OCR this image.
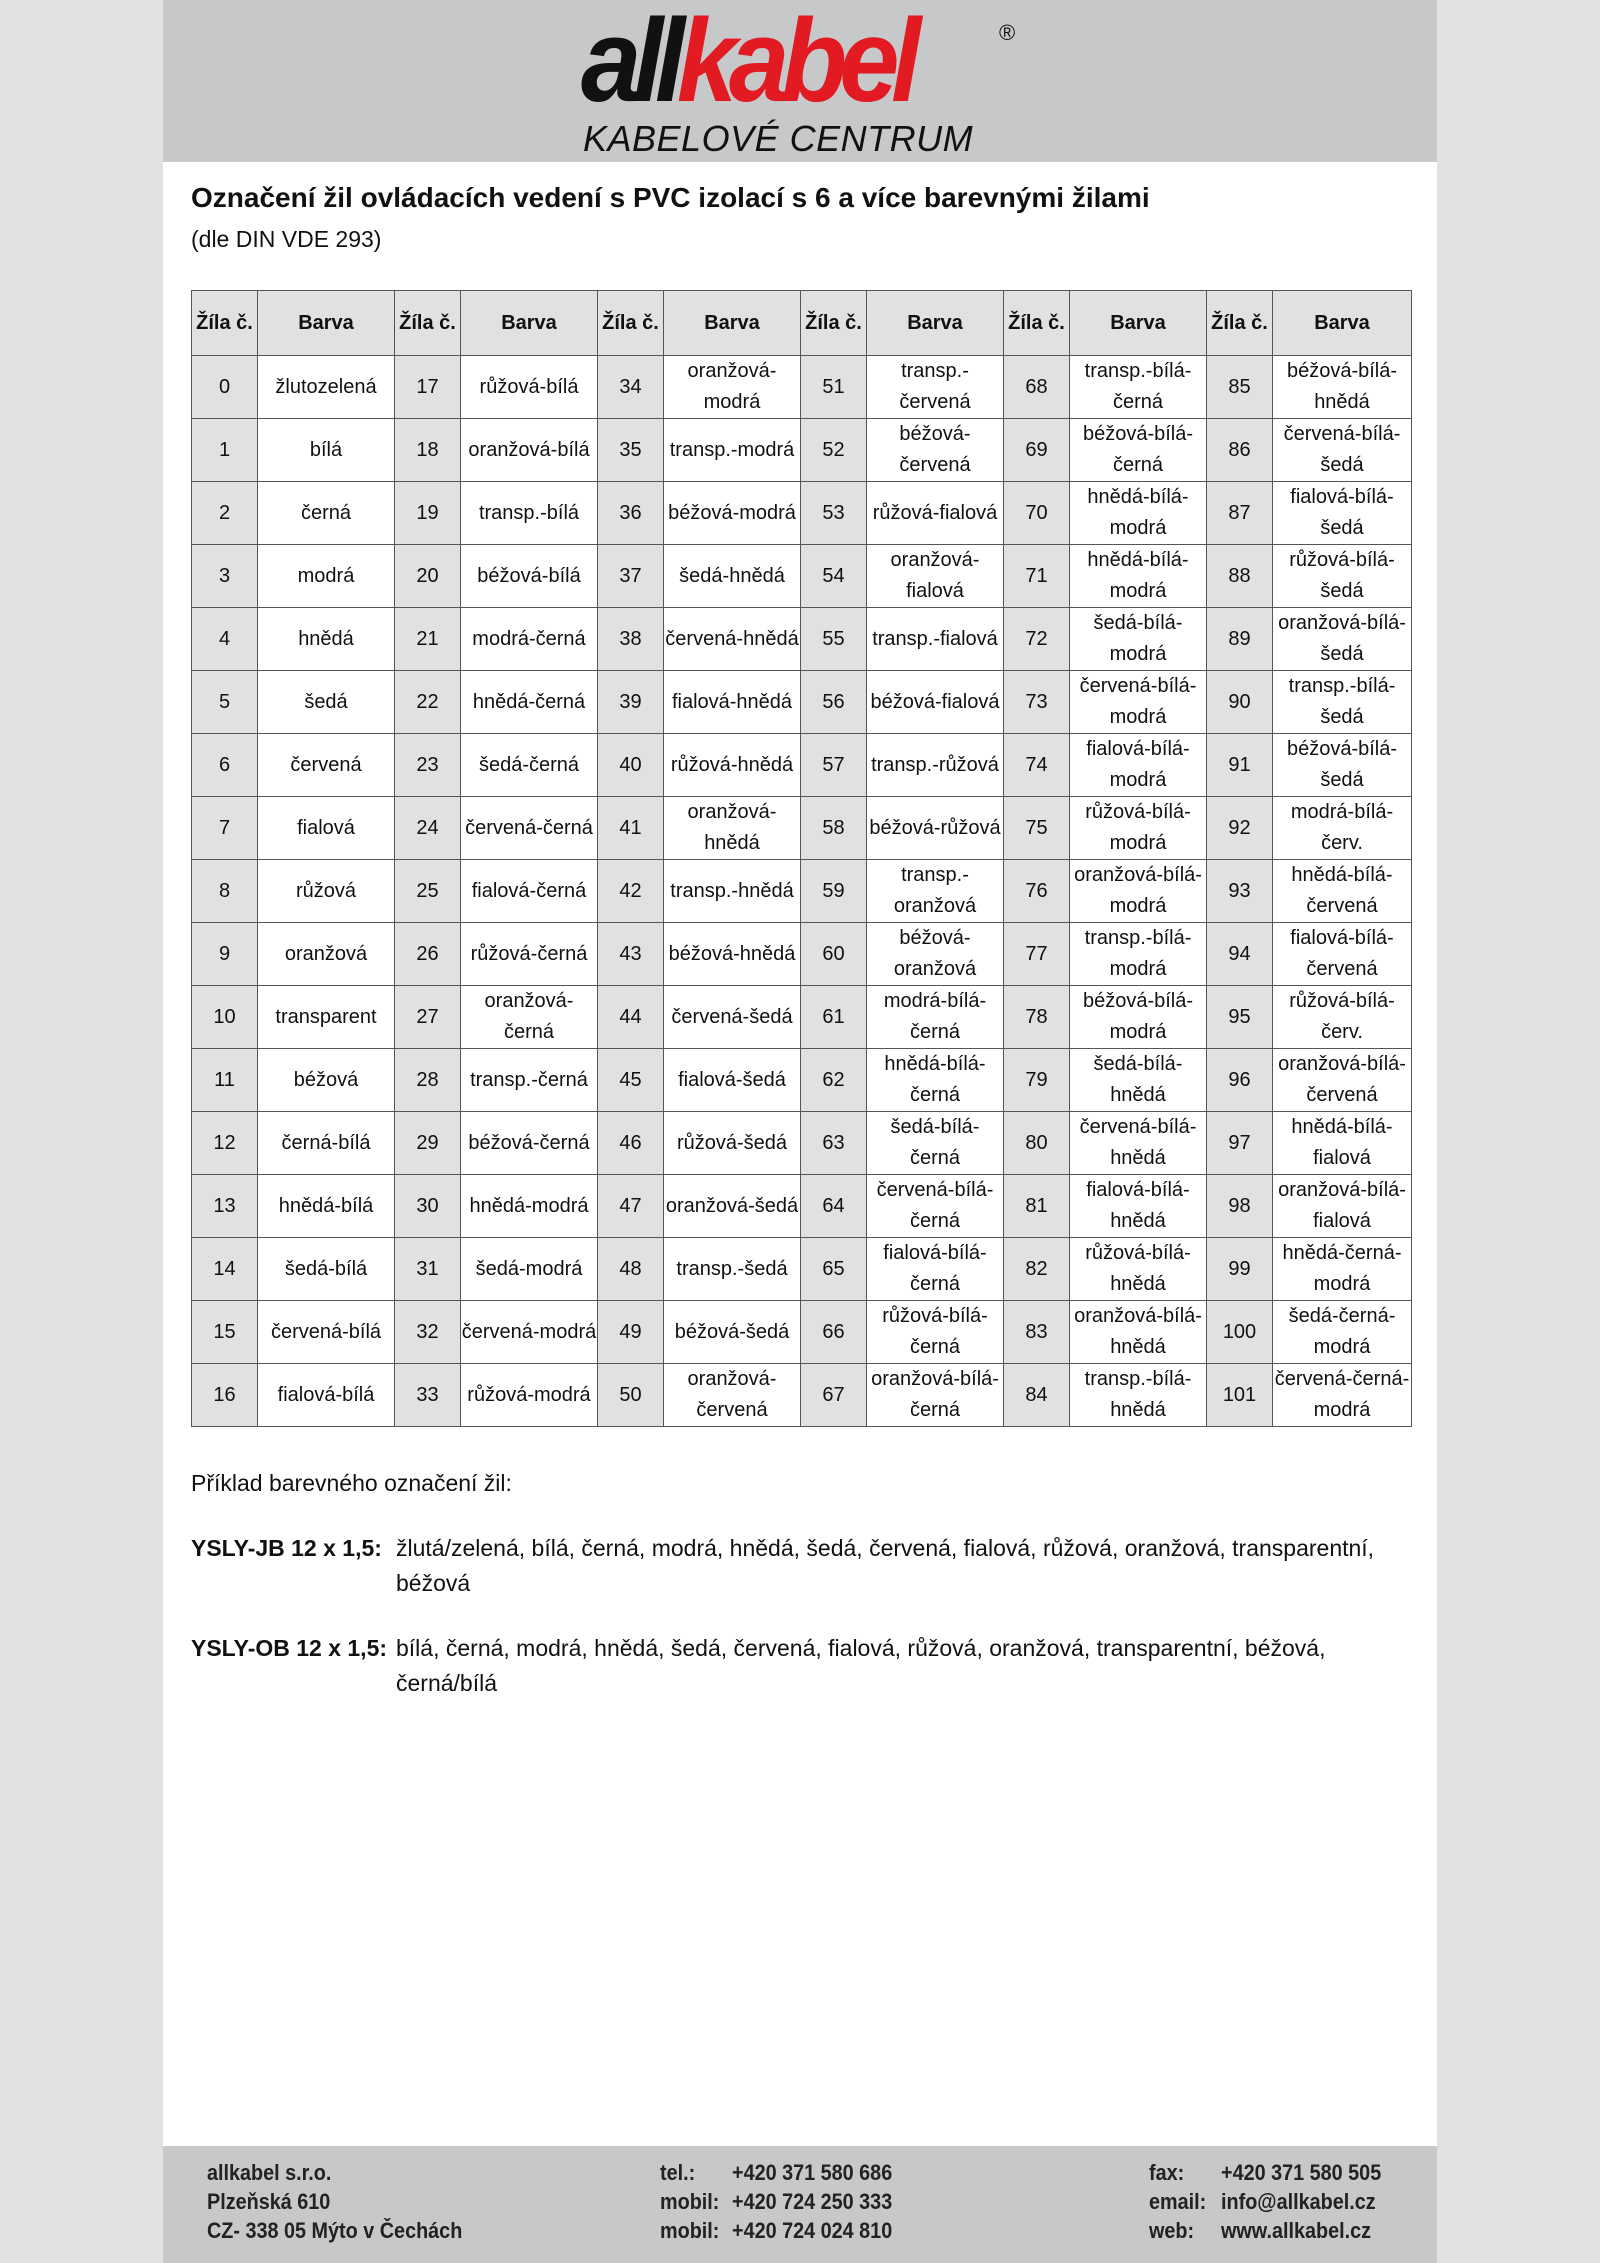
allkabel	®
KABELOVÉ CENTRUM
Označení žil ovládacích vedení s PVC izolací s 6 a více barevnými žilami
(dle DIN VDE 293)
Žíla č.	Barva	Žíla č.	Barva	Žíla č.	Barva	Žíla č.	Barva	Žíla č.	Barva	Žíla č.	Barva
0	žlutozelená	17	růžová-bílá	34	oranžová-modrá	51	transp.-červená	68	transp.-bílá-černá	85	béžová-bílá-hnědá
1	bílá	18	oranžová-bílá	35	transp.-modrá	52	béžová-červená	69	béžová-bílá-černá	86	červená-bílá-šedá
2	černá	19	transp.-bílá	36	béžová-modrá	53	růžová-fialová	70	hnědá-bílá-modrá	87	fialová-bílá-šedá
3	modrá	20	béžová-bílá	37	šedá-hnědá	54	oranžová-fialová	71	hnědá-bílá-modrá	88	růžová-bílá-šedá
4	hnědá	21	modrá-černá	38	červená-hnědá	55	transp.-fialová	72	šedá-bílá-modrá	89	oranžová-bílá-šedá
5	šedá	22	hnědá-černá	39	fialová-hnědá	56	béžová-fialová	73	červená-bílá-modrá	90	transp.-bílá-šedá
6	červená	23	šedá-černá	40	růžová-hnědá	57	transp.-růžová	74	fialová-bílá-modrá	91	béžová-bílá-šedá
7	fialová	24	červená-černá	41	oranžová-hnědá	58	béžová-růžová	75	růžová-bílá-modrá	92	modrá-bílá-červ.
8	růžová	25	fialová-černá	42	transp.-hnědá	59	transp.-oranžová	76	oranžová-bílá-modrá	93	hnědá-bílá-červená
9	oranžová	26	růžová-černá	43	béžová-hnědá	60	béžová-oranžová	77	transp.-bílá-modrá	94	fialová-bílá-červená
10	transparent	27	oranžová-černá	44	červená-šedá	61	modrá-bílá-černá	78	béžová-bílá-modrá	95	růžová-bílá-červ.
11	béžová	28	transp.-černá	45	fialová-šedá	62	hnědá-bílá-černá	79	šedá-bílá-hnědá	96	oranžová-bílá-červená
12	černá-bílá	29	béžová-černá	46	růžová-šedá	63	šedá-bílá-černá	80	červená-bílá-hnědá	97	hnědá-bílá-fialová
13	hnědá-bílá	30	hnědá-modrá	47	oranžová-šedá	64	červená-bílá-černá	81	fialová-bílá-hnědá	98	oranžová-bílá-fialová
14	šedá-bílá	31	šedá-modrá	48	transp.-šedá	65	fialová-bílá-černá	82	růžová-bílá-hnědá	99	hnědá-černá-modrá
15	červená-bílá	32	červená-modrá	49	béžová-šedá	66	růžová-bílá-černá	83	oranžová-bílá-hnědá	100	šedá-černá-modrá
16	fialová-bílá	33	růžová-modrá	50	oranžová-červená	67	oranžová-bílá-černá	84	transp.-bílá-hnědá	101	červená-černá-modrá
Příklad barevného označení žil:
YSLY-JB 12 x 1,5: žlutá/zelená, bílá, černá, modrá, hnědá, šedá, červená, fialová, růžová, oranžová, transparentní, béžová
YSLY-OB 12 x 1,5: bílá, černá, modrá, hnědá, šedá, červená, fialová, růžová, oranžová, transparentní, béžová, černá/bílá
allkabel s.r.o.
Plzeňská 610
CZ- 338 05 Mýto v Čechách
tel.: +420 371 580 686
mobil: +420 724 250 333
mobil: +420 724 024 810
fax: +420 371 580 505
email: info@allkabel.cz
web: www.allkabel.cz
